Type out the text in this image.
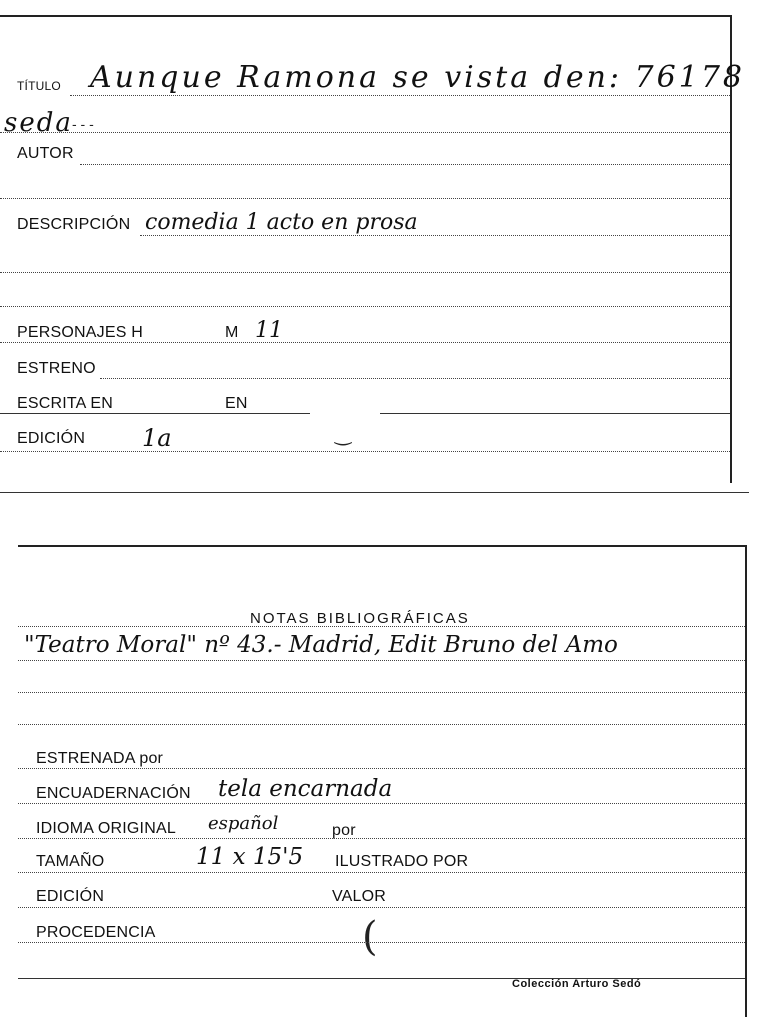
TÍTULO Aunque Ramona se vista den: 76178
seda - - -
AUTOR
DESCRIPCIÓN comedia 1 acto en prosa
PERSONAJES H	M 11
ESTRENO
ESCRITA EN	EN
EDICIÓN 1a	‿
NOTAS BIBLIOGRÁFICAS
"Teatro Moral" nº 43.- Madrid, Edit Bruno del Amo
ESTRENADA por
ENCUADERNACIÓN tela encarnada
IDIOMA ORIGINAL español	por
TAMAÑO	11 x 15'5 ILUSTRADO POR
EDICIÓN	VALOR
PROCEDENCIA	(
Colección Arturo Sedó
